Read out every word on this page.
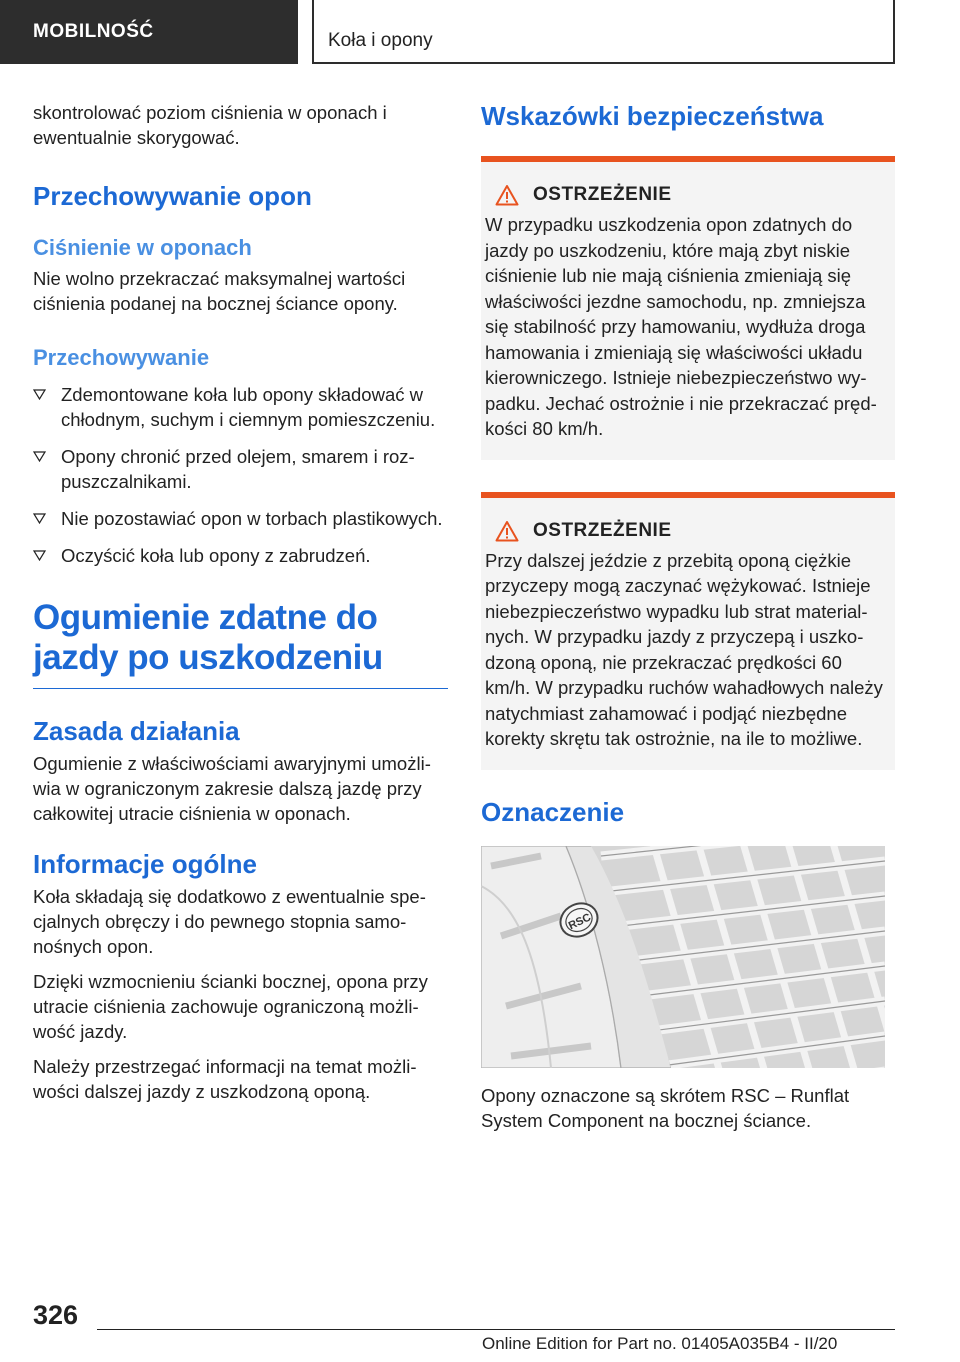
MOBILNOŚĆ	Koła i opony

skontrolować poziom ciśnienia w oponach i ewentualnie skorygować.

Przechowywanie opon
Ciśnienie w oponach

Nie wolno przekraczać maksymalnej wartości ciśnienia podanej na bocznej ściance opony.

Przechowywanie
Zdemontowane koła lub opony składować w chłodnym, suchym i ciemnym pomieszczeniu.
Opony chronić przed olejem, smarem i rozpuszczalnikami.
Nie pozostawiać opon w torbach plastikowych.
Oczyścić koła lub opony z zabrudzeń.
Ogumienie zdatne do jazdy po uszkodzeniu
Zasada działania

Ogumienie z właściwościami awaryjnymi umożliwia w ograniczonym zakresie dalszą jazdę przy całkowitej utracie ciśnienia w oponach.

Informacje ogólne

Koła składają się dodatkowo z ewentualnie specjalnych obręczy i do pewnego stopnia samonośnych opon.

Dzięki wzmocnieniu ścianki bocznej, opona przy utracie ciśnienia zachowuje ograniczoną możliwość jazdy.

Należy przestrzegać informacji na temat możliwości dalszej jazdy z uszkodzoną oponą.

Wskazówki bezpieczeństwa
OSTRZEŻENIE

W przypadku uszkodzenia opon zdatnych do jazdy po uszkodzeniu, które mają zbyt niskie ciśnienie lub nie mają ciśnienia zmieniają się właściwości jezdne samochodu, np. zmniejsza się stabilność przy hamowaniu, wydłuża droga hamowania i zmieniają się właściwości układu kierowniczego. Istnieje niebezpieczeństwo wypadku. Jechać ostrożnie i nie przekraczać prędkości 80 km/h.

OSTRZEŻENIE

Przy dalszej jeździe z przebitą oponą ciężkie przyczepy mogą zaczynać wężykować. Istnieje niebezpieczeństwo wypadku lub strat materialnych. W przypadku jazdy z przyczepą i uszkodzoną oponą, nie przekraczać prędkości 60 km/h. W przypadku ruchów wahadłowych należy natychmiast zahamować i podjąć niezbędne korekty skrętu tak ostrożnie, na ile to możliwe.

Oznaczenie
RSC

Opony oznaczone są skrótem RSC – Runflat System Component na bocznej ściance.

326
Online Edition for Part no. 01405A035B4 - II/20
